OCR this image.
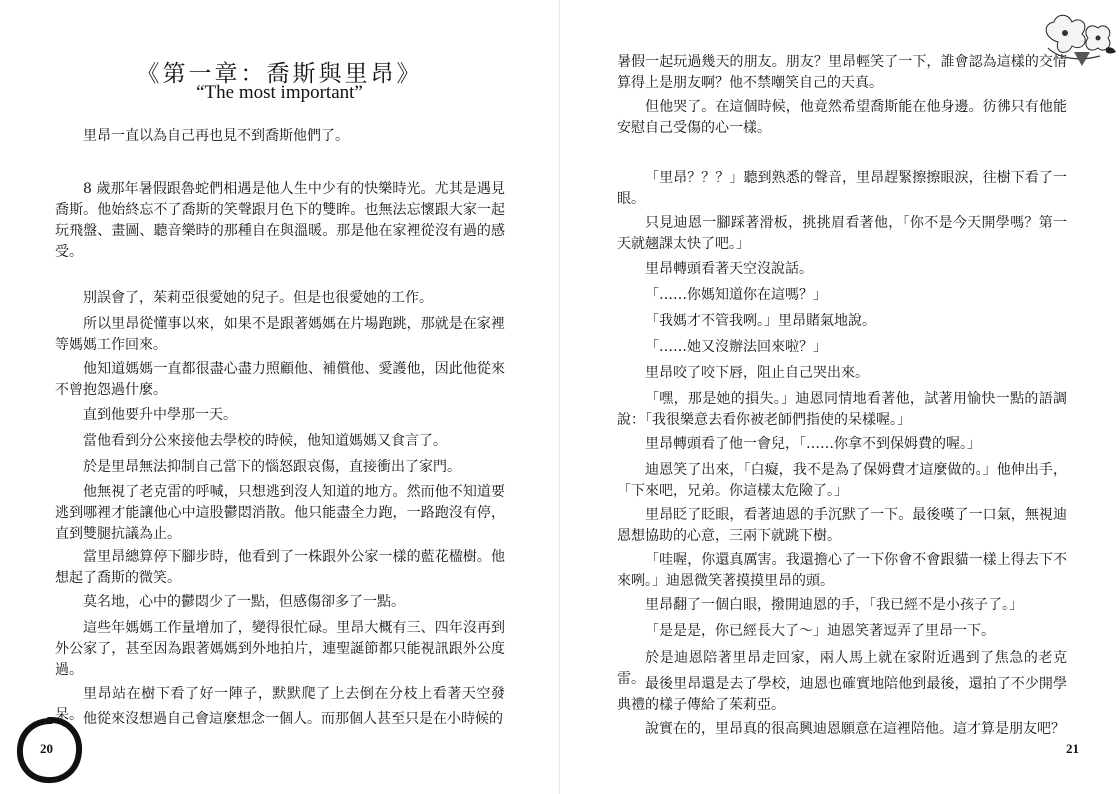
《第一章：喬斯與里昂》
“The most important”

里昂一直以為自己再也見不到喬斯他們了。

8 歲那年暑假跟魯蛇們相遇是他人生中少有的快樂時光。尤其是遇見喬斯。他始終忘不了喬斯的笑聲跟月色下的雙眸。也無法忘懷跟大家一起玩飛盤、畫圖、聽音樂時的那種自在與溫暖。那是他在家裡從沒有過的感受。

別誤會了，茱莉亞很愛她的兒子。但是也很愛她的工作。

所以里昂從懂事以來，如果不是跟著媽媽在片場跑跳，那就是在家裡等媽媽工作回來。

他知道媽媽一直都很盡心盡力照顧他、補償他、愛護他，因此他從來不曾抱怨過什麼。

直到他要升中學那一天。

當他看到分公來接他去學校的時候，他知道媽媽又食言了。

於是里昂無法抑制自己當下的惱怒跟哀傷，直接衝出了家門。

他無視了老克雷的呼喊，只想逃到沒人知道的地方。然而他不知道要逃到哪裡才能讓他心中這股鬱悶消散。他只能盡全力跑，一路跑沒有停，直到雙腿抗議為止。

當里昂總算停下腳步時，他看到了一株跟外公家一樣的藍花楹樹。他想起了喬斯的微笑。

莫名地，心中的鬱悶少了一點，但感傷卻多了一點。

這些年媽媽工作量增加了，變得很忙碌。里昂大概有三、四年沒再到外公家了，甚至因為跟著媽媽到外地拍片，連聖誕節都只能視訊跟外公度過。

里昂站在樹下看了好一陣子，默默爬了上去倒在分枝上看著天空發呆。 他從來沒想過自己會這麼想念一個人。而那個人甚至只是在小時候的

20

暑假一起玩過幾天的朋友。朋友？里昂輕笑了一下，誰會認為這樣的交情算得上是朋友啊？他不禁嘲笑自己的天真。

但他哭了。在這個時候，他竟然希望喬斯能在他身邊。彷彿只有他能安慰自己受傷的心一樣。

「里昂？？？」聽到熟悉的聲音，里昂趕緊擦擦眼淚，往樹下看了一眼。

只見迪恩一腳踩著滑板，挑挑眉看著他，「你不是今天開學嗎？第一天就翹課太快了吧。」

里昂轉頭看著天空沒說話。

「……你媽知道你在這嗎？」

「我媽才不管我咧。」里昂賭氣地說。

「……她又沒辦法回來啦？」

里昂咬了咬下唇，阻止自己哭出來。

「嘿，那是她的損失。」迪恩同情地看著他，試著用愉快一點的語調說：「我很樂意去看你被老師們指使的呆樣喔。」

里昂轉頭看了他一會兒，「……你拿不到保姆費的喔。」

迪恩笑了出來，「白癡，我不是為了保姆費才這麼做的。」他伸出手，「下來吧，兄弟。你這樣太危險了。」

里昂眨了眨眼，看著迪恩的手沉默了一下。最後嘆了一口氣，無視迪恩想協助的心意，三兩下就跳下樹。

「哇喔，你還真厲害。我還擔心了一下你會不會跟貓一樣上得去下不來咧。」迪恩微笑著摸摸里昂的頭。

里昂翻了一個白眼，撥開迪恩的手，「我已經不是小孩子了。」

「是是是，你已經長大了～」迪恩笑著逗弄了里昂一下。

於是迪恩陪著里昂走回家，兩人馬上就在家附近遇到了焦急的老克雷。 最後里昂還是去了學校，迪恩也確實地陪他到最後，還拍了不少開學典禮的樣子傳給了茱莉亞。

說實在的，里昂真的很高興迪恩願意在這裡陪他。這才算是朋友吧？

21
